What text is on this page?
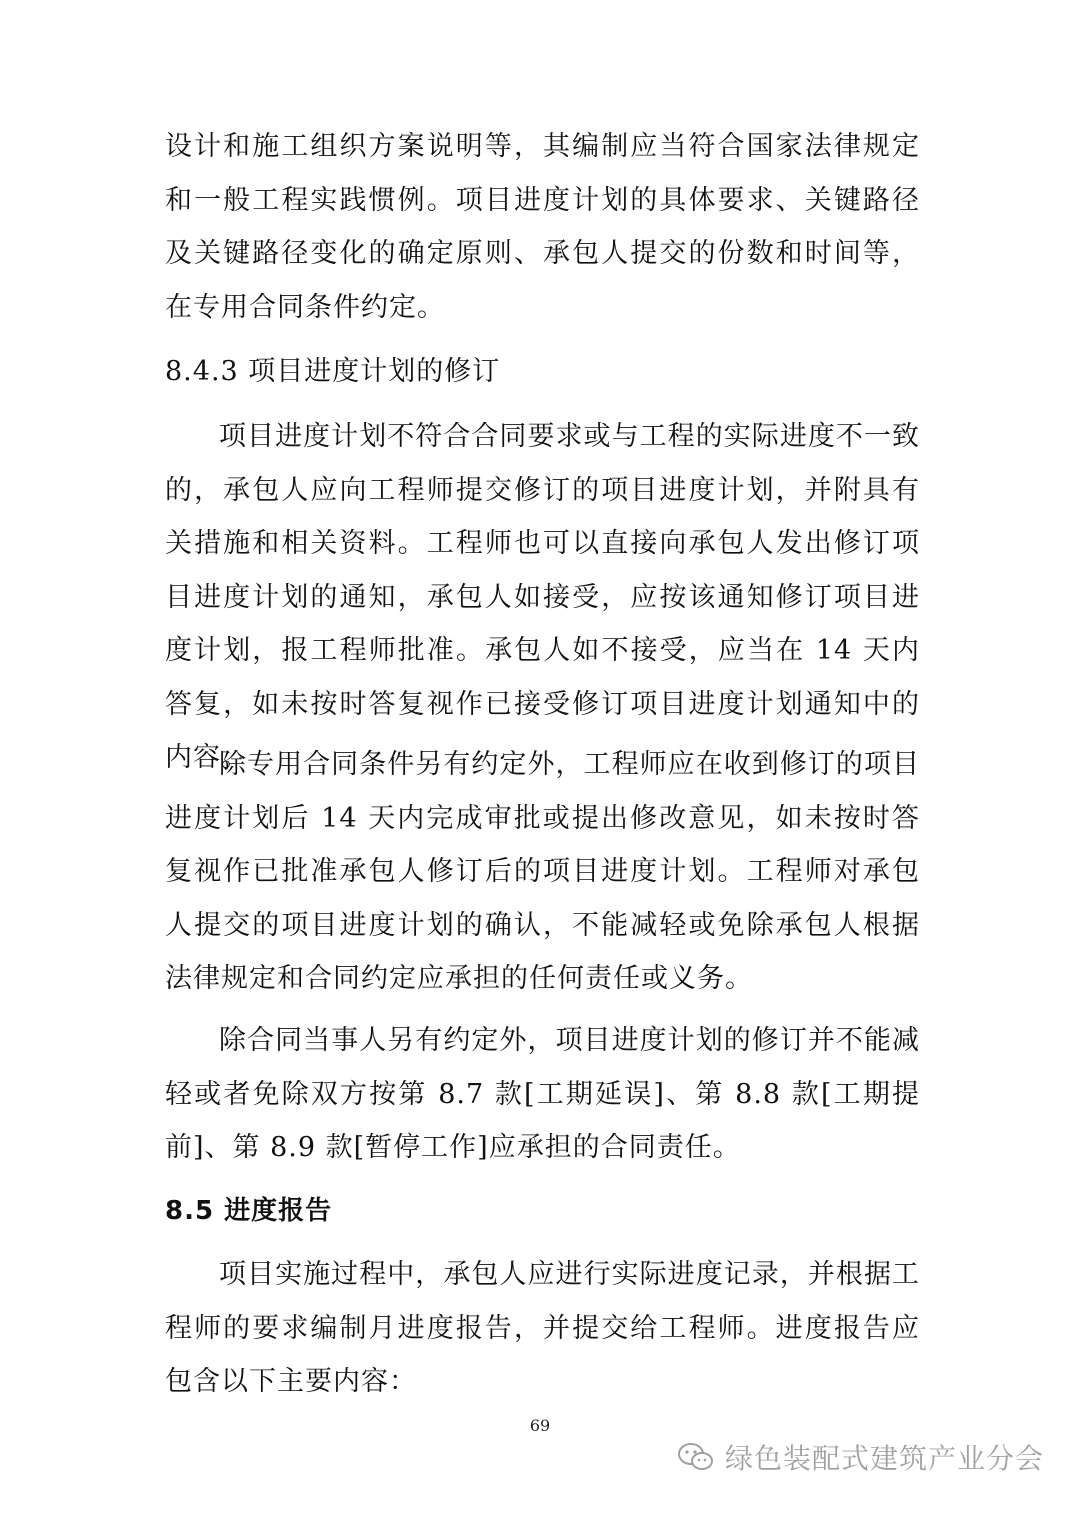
设计和施工组织方案说明等，其编制应当符合国家法律规定和一般工程实践惯例。项目进度计划的具体要求、关键路径及关键路径变化的确定原则、承包人提交的份数和时间等，在专用合同条件约定。

8.4.3 项目进度计划的修订

项目进度计划不符合合同要求或与工程的实际进度不一致的，承包人应向工程师提交修订的项目进度计划，并附具有关措施和相关资料。工程师也可以直接向承包人发出修订项目进度计划的通知，承包人如接受，应按该通知修订项目进度计划，报工程师批准。承包人如不接受，应当在 14 天内答复，如未按时答复视作已接受修订项目进度计划通知中的内容。

除专用合同条件另有约定外，工程师应在收到修订的项目进度计划后 14 天内完成审批或提出修改意见，如未按时答复视作已批准承包人修订后的项目进度计划。工程师对承包人提交的项目进度计划的确认，不能减轻或免除承包人根据法律规定和合同约定应承担的任何责任或义务。

除合同当事人另有约定外，项目进度计划的修订并不能减轻或者免除双方按第 8.7 款[工期延误]、第 8.8 款[工期提前]、第 8.9 款[暂停工作]应承担的合同责任。

8.5 进度报告

项目实施过程中，承包人应进行实际进度记录，并根据工程师的要求编制月进度报告，并提交给工程师。进度报告应包含以下主要内容：

69
绿色装配式建筑产业分会
